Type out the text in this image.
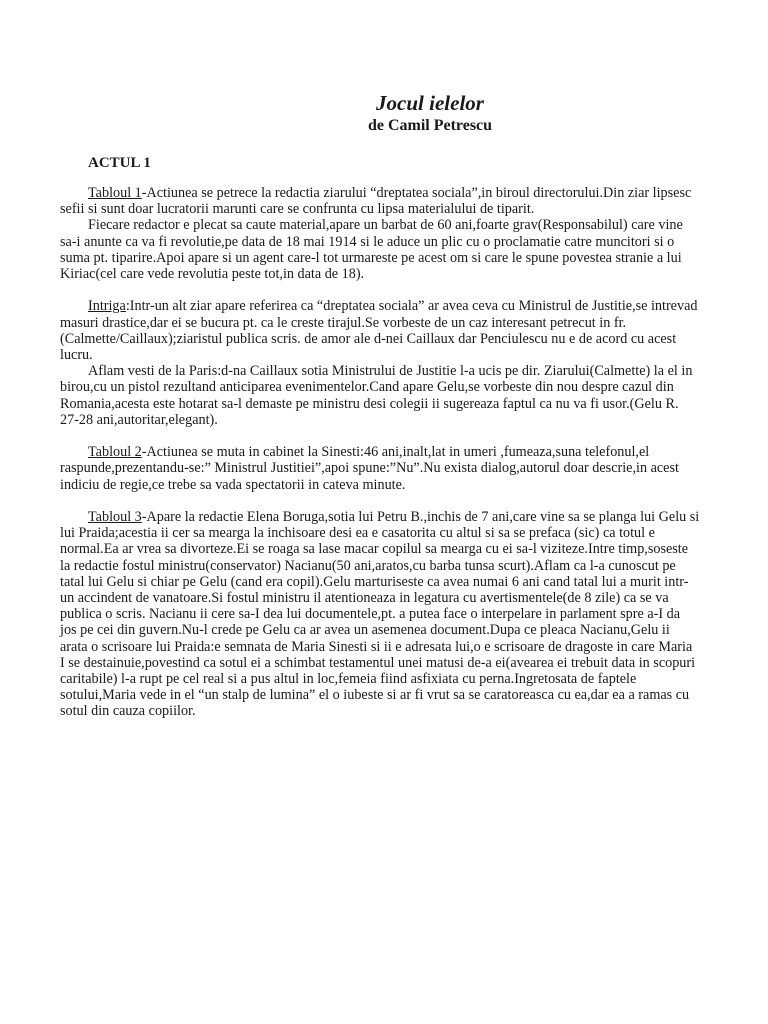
Jocul ielelor
de Camil Petrescu
ACTUL 1

Tabloul 1-Actiunea se petrece la redactia ziarului “dreptatea sociala”,in biroul directorului.Din ziar lipsesc sefii si sunt doar lucratorii marunti care se confrunta cu lipsa materialului de tiparit.

Fiecare redactor e plecat sa caute material,apare un barbat de 60 ani,foarte grav(Responsabilul) care vine sa-i anunte ca va fi revolutie,pe data de 18 mai 1914 si le aduce un plic cu o proclamatie catre muncitori si o suma pt. tiparire.Apoi apare si un agent care-l tot urmareste pe acest om si care le spune povestea stranie a lui Kiriac(cel care vede revolutia peste tot,in data de 18).

Intriga:Intr-un alt ziar apare referirea ca “dreptatea sociala” ar avea ceva cu Ministrul de Justitie,se intrevad masuri drastice,dar ei se bucura pt. ca le creste tirajul.Se vorbeste de un caz interesant petrecut in fr.(Calmette/Caillaux);ziaristul publica scris. de amor ale d-nei Caillaux dar Penciulescu nu e de acord cu acest lucru.

Aflam vesti de la Paris:d-na Caillaux sotia Ministrului de Justitie l-a ucis pe dir. Ziarului(Calmette) la el in birou,cu un pistol rezultand anticiparea evenimentelor.Cand apare Gelu,se vorbeste din nou despre cazul din Romania,acesta este hotarat sa-l demaste pe ministru desi colegii ii sugereaza faptul ca nu va fi usor.(Gelu R. 27-28 ani,autoritar,elegant).

Tabloul 2-Actiunea se muta in cabinet la Sinesti:46 ani,inalt,lat in umeri ,fumeaza,suna telefonul,el raspunde,prezentandu-se:” Ministrul Justitiei”,apoi spune:”Nu”.Nu exista dialog,autorul doar descrie,in acest indiciu de regie,ce trebe sa vada spectatorii in cateva minute.

Tabloul 3-Apare la redactie Elena Boruga,sotia lui Petru B.,inchis de 7 ani,care vine sa se planga lui Gelu si lui Praida;acestia ii cer sa mearga la inchisoare desi ea e casatorita cu altul si sa se prefaca (sic) ca totul e normal.Ea ar vrea sa divorteze.Ei se roaga sa lase macar copilul sa mearga cu ei sa-l viziteze.Intre timp,soseste la redactie fostul ministru(conservator) Nacianu(50 ani,aratos,cu barba tunsa scurt).Aflam ca l-a cunoscut pe tatal lui Gelu si chiar pe Gelu (cand era copil).Gelu marturiseste ca avea numai 6 ani cand tatal lui a murit intr-un accindent de vanatoare.Si fostul ministru il atentioneaza in legatura cu avertismentele(de 8 zile) ca se va publica o scris. Nacianu ii cere sa-I dea lui documentele,pt. a putea face o interpelare in parlament spre a-I da jos pe cei din guvern.Nu-l crede pe Gelu ca ar avea un asemenea document.Dupa ce pleaca Nacianu,Gelu ii arata o scrisoare lui Praida:e semnata de Maria Sinesti si ii e adresata lui,o e scrisoare de dragoste in care Maria I se destainuie,povestind ca sotul ei a schimbat testamentul unei matusi de-a ei(avearea ei trebuit data in scopuri caritabile) l-a rupt pe cel real si a pus altul in loc,femeia fiind asfixiata cu perna.Ingretosata de faptele sotului,Maria vede in el “un stalp de lumina” el o iubeste si ar fi vrut sa se caratoreasca cu ea,dar ea a ramas cu sotul din cauza copiilor.
